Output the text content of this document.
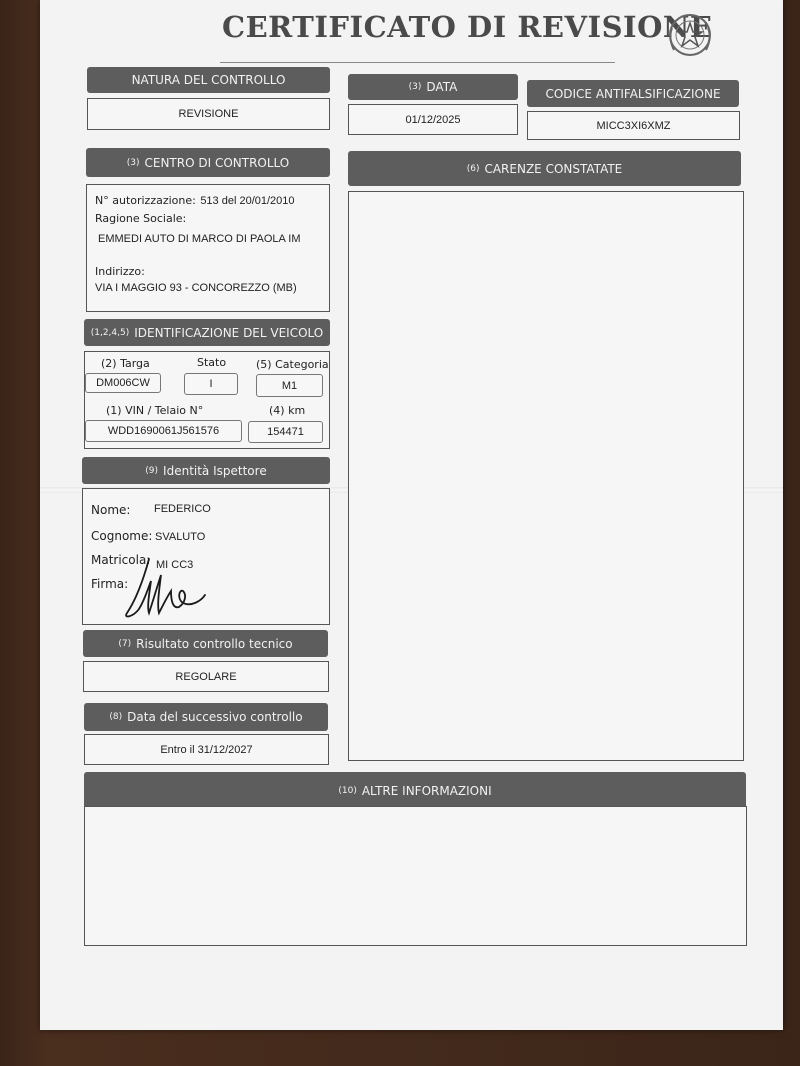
CERTIFICATO DI REVISIONE
NATURA DEL CONTROLLO
REVISIONE
(3) DATA
01/12/2025
CODICE ANTIFALSIFICAZIONE
MICC3XI6XMZ
(3) CENTRO DI CONTROLLO
N° autorizzazione: 513 del 20/01/2010
Ragione Sociale:
EMMEDI AUTO DI MARCO DI PAOLA IM
Indirizzo:
VIA I MAGGIO 93 - CONCOREZZO (MB)
(6) CARENZE CONSTATATE
(1,2,4,5) IDENTIFICAZIONE DEL VEICOLO
(2) Targa	Stato	(5) Categoria
DM006CW	I	M1
(1) VIN / Telaio N°	(4) km
WDD1690061J561576	154471
(9) Identità Ispettore
Nome: FEDERICO
Cognome: SVALUTO
Matricola: MI CC3
Firma:
(7) Risultato controllo tecnico
REGOLARE
(8) Data del successivo controllo
Entro il 31/12/2027
(10) ALTRE INFORMAZIONI
